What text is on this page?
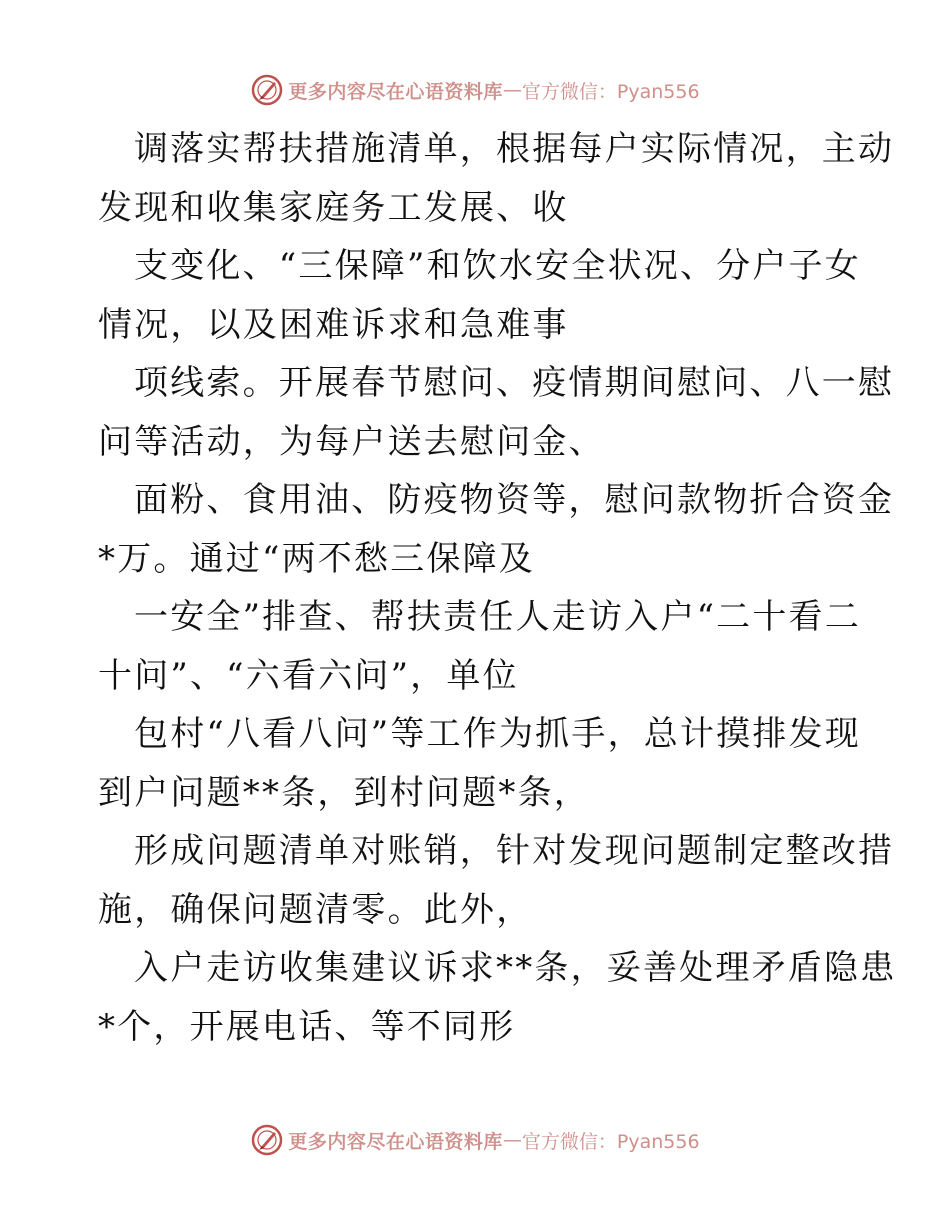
更多内容尽在心语资料库 — 官方微信：Pyan556
调落实帮扶措施清单，根据每户实际情况，主动
发现和收集家庭务工发展、收
支变化、“三保障”和饮水安全状况、分户子女
情况，以及困难诉求和急难事
项线索。开展春节慰问、疫情期间慰问、八一慰
问等活动，为每户送去慰问金、
面粉、食用油、防疫物资等，慰问款物折合资金
*万。通过“两不愁三保障及
一安全”排查、帮扶责任人走访入户“二十看二
十问”、“六看六问”，单位
包村“八看八问”等工作为抓手，总计摸排发现
到户问题**条，到村问题*条，
形成问题清单对账销，针对发现问题制定整改措
施，确保问题清零。此外，
入户走访收集建议诉求**条，妥善处理矛盾隐患
*个，开展电话、等不同形
更多内容尽在心语资料库 — 官方微信：Pyan556
